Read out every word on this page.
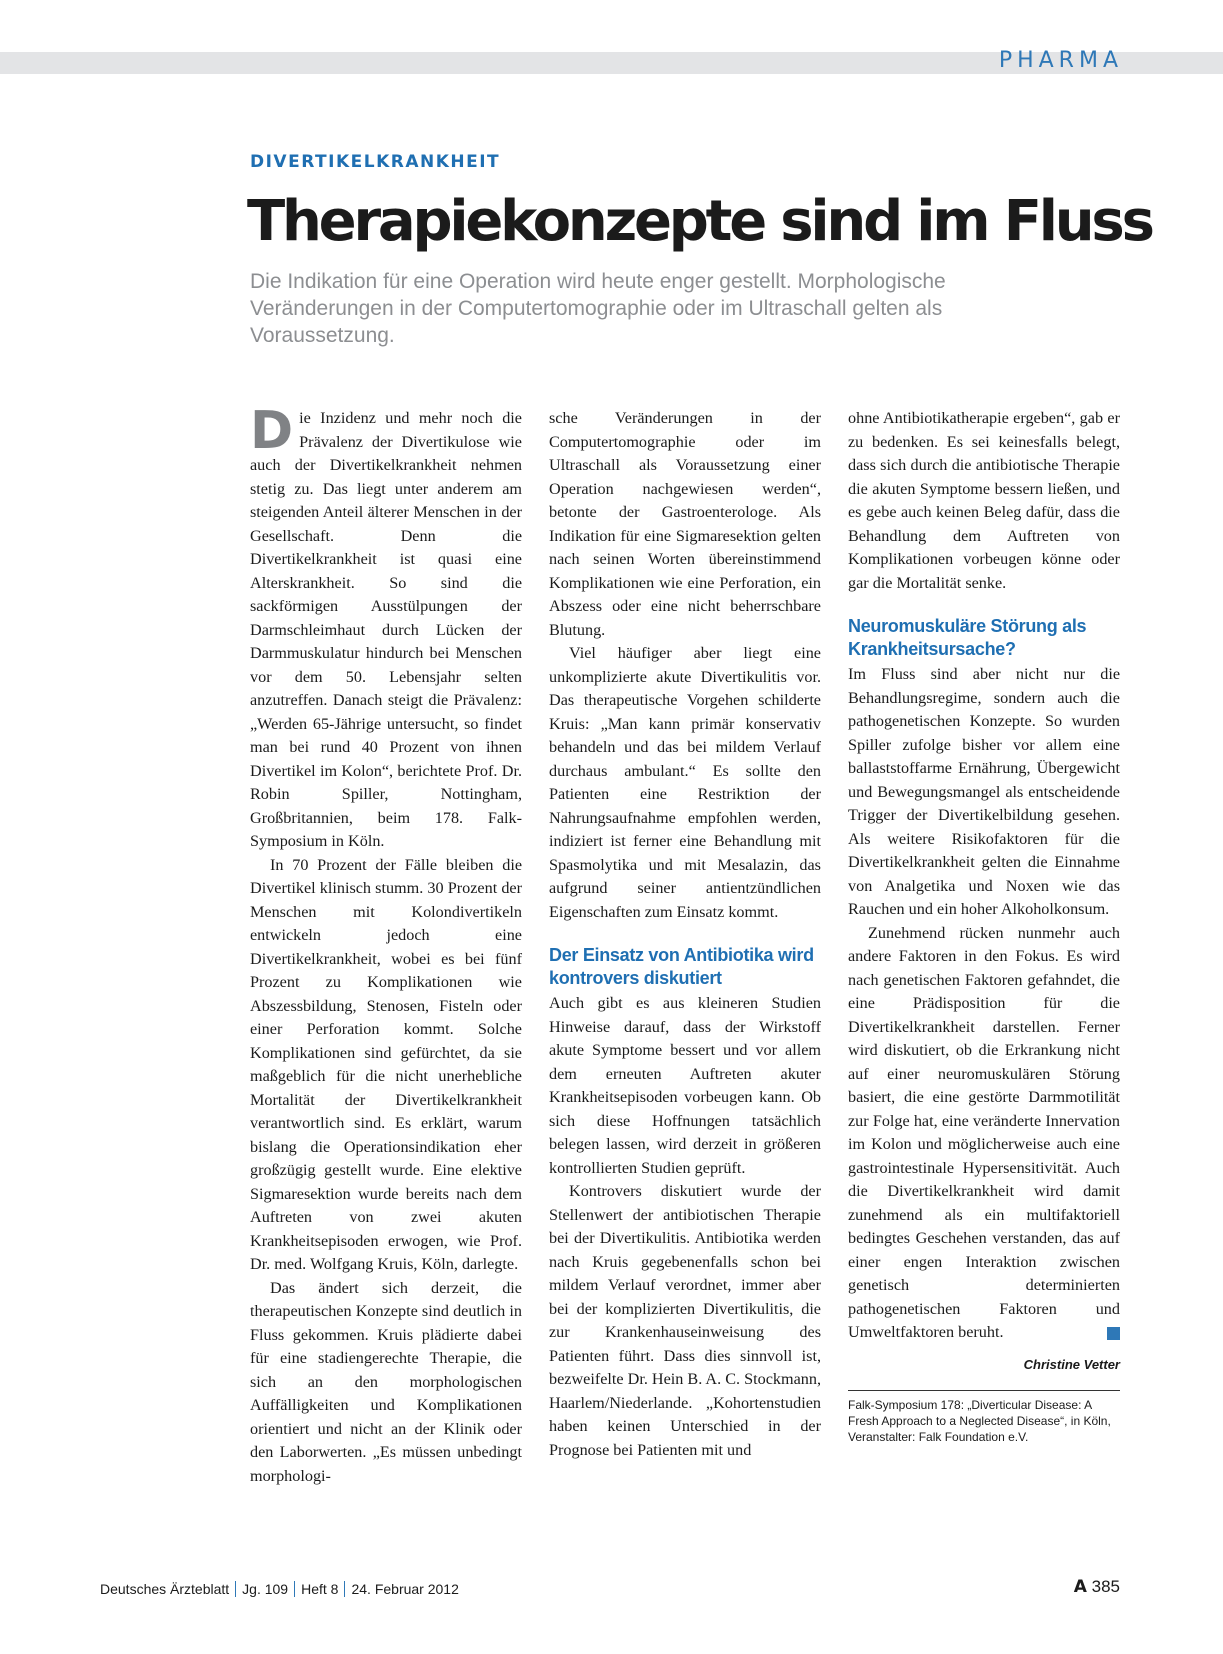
PHARMA
DIVERTIKELKRANKHEIT
Therapiekonzepte sind im Fluss

Die Indikation für eine Operation wird heute enger gestellt. Morphologische Veränderungen in der Computertomographie oder im Ultraschall gelten als Voraussetzung.

Die Inzidenz und mehr noch die Prävalenz der Divertikulose wie auch der Divertikelkrankheit nehmen stetig zu. Das liegt unter anderem am steigenden Anteil älterer Menschen in der Gesellschaft. Denn die Divertikelkrankheit ist quasi eine Alterskrankheit. So sind die sackförmigen Ausstülpungen der Darmschleimhaut durch Lücken der Darmmuskulatur hindurch bei Menschen vor dem 50. Lebensjahr selten anzutreffen. Danach steigt die Prävalenz: „Werden 65-Jährige untersucht, so findet man bei rund 40 Prozent von ihnen Divertikel im Kolon“, berichtete Prof. Dr. Robin Spiller, Nottingham, Großbritannien, beim 178. Falk-Symposium in Köln.

In 70 Prozent der Fälle bleiben die Divertikel klinisch stumm. 30 Prozent der Menschen mit Kolondivertikeln entwickeln jedoch eine Divertikelkrankheit, wobei es bei fünf Prozent zu Komplikationen wie Abszessbildung, Stenosen, Fisteln oder einer Perforation kommt. Solche Komplikationen sind gefürchtet, da sie maßgeblich für die nicht unerhebliche Mortalität der Divertikelkrankheit verantwortlich sind. Es erklärt, warum bislang die Operationsindikation eher großzügig gestellt wurde. Eine elektive Sigmaresektion wurde bereits nach dem Auftreten von zwei akuten Krankheitsepisoden erwogen, wie Prof. Dr. med. Wolfgang Kruis, Köln, darlegte.

Das ändert sich derzeit, die therapeutischen Konzepte sind deutlich in Fluss gekommen. Kruis plädierte dabei für eine stadiengerechte Therapie, die sich an den morphologischen Auffälligkeiten und Komplikationen orientiert und nicht an der Klinik oder den Laborwerten. „Es müssen unbedingt morphologi-

sche Veränderungen in der Computertomographie oder im Ultraschall als Voraussetzung einer Operation nachgewiesen werden“, betonte der Gastroenterologe. Als Indikation für eine Sigmaresektion gelten nach seinen Worten übereinstimmend Komplikationen wie eine Perforation, ein Abszess oder eine nicht beherrschbare Blutung.

Viel häufiger aber liegt eine unkomplizierte akute Divertikulitis vor. Das therapeutische Vorgehen schilderte Kruis: „Man kann primär konservativ behandeln und das bei mildem Verlauf durchaus ambulant.“ Es sollte den Patienten eine Restriktion der Nahrungsaufnahme empfohlen werden, indiziert ist ferner eine Behandlung mit Spasmolytika und mit Mesalazin, das aufgrund seiner antientzündlichen Eigenschaften zum Einsatz kommt.

Der Einsatz von Antibiotika wird kontrovers diskutiert

Auch gibt es aus kleineren Studien Hinweise darauf, dass der Wirkstoff akute Symptome bessert und vor allem dem erneuten Auftreten akuter Krankheitsepisoden vorbeugen kann. Ob sich diese Hoffnungen tatsächlich belegen lassen, wird derzeit in größeren kontrollierten Studien geprüft.

Kontrovers diskutiert wurde der Stellenwert der antibiotischen Therapie bei der Divertikulitis. Antibiotika werden nach Kruis gegebenenfalls schon bei mildem Verlauf verordnet, immer aber bei der komplizierten Divertikulitis, die zur Krankenhauseinweisung des Patienten führt. Dass dies sinnvoll ist, bezweifelte Dr. Hein B. A. C. Stockmann, Haarlem/Niederlande. „Kohortenstudien haben keinen Unterschied in der Prognose bei Patienten mit und

ohne Antibiotikatherapie ergeben“, gab er zu bedenken. Es sei keinesfalls belegt, dass sich durch die antibiotische Therapie die akuten Symptome bessern ließen, und es gebe auch keinen Beleg dafür, dass die Behandlung dem Auftreten von Komplikationen vorbeugen könne oder gar die Mortalität senke.

Neuromuskuläre Störung als Krankheitsursache?

Im Fluss sind aber nicht nur die Behandlungsregime, sondern auch die pathogenetischen Konzepte. So wurden Spiller zufolge bisher vor allem eine ballaststoffarme Ernährung, Übergewicht und Bewegungsmangel als entscheidende Trigger der Divertikelbildung gesehen. Als weitere Risikofaktoren für die Divertikelkrankheit gelten die Einnahme von Analgetika und Noxen wie das Rauchen und ein hoher Alkoholkonsum.

Zunehmend rücken nunmehr auch andere Faktoren in den Fokus. Es wird nach genetischen Faktoren gefahndet, die eine Prädisposition für die Divertikelkrankheit darstellen. Ferner wird diskutiert, ob die Erkrankung nicht auf einer neuromuskulären Störung basiert, die eine gestörte Darmmotilität zur Folge hat, eine veränderte Innervation im Kolon und möglicherweise auch eine gastrointestinale Hypersensitivität. Auch die Divertikelkrankheit wird damit zunehmend als ein multifaktoriell bedingtes Geschehen verstanden, das auf einer engen Interaktion zwischen genetisch determinierten pathogenetischen Faktoren und Umweltfaktoren beruht.

Christine Vetter
Falk-Symposium 178: „Diverticular Disease: A Fresh Approach to a Neglected Disease“, in Köln, Veranstalter: Falk Foundation e.V.
Deutsches Ärzteblatt Jg. 109 Heft 8 24. Februar 2012	A 385
